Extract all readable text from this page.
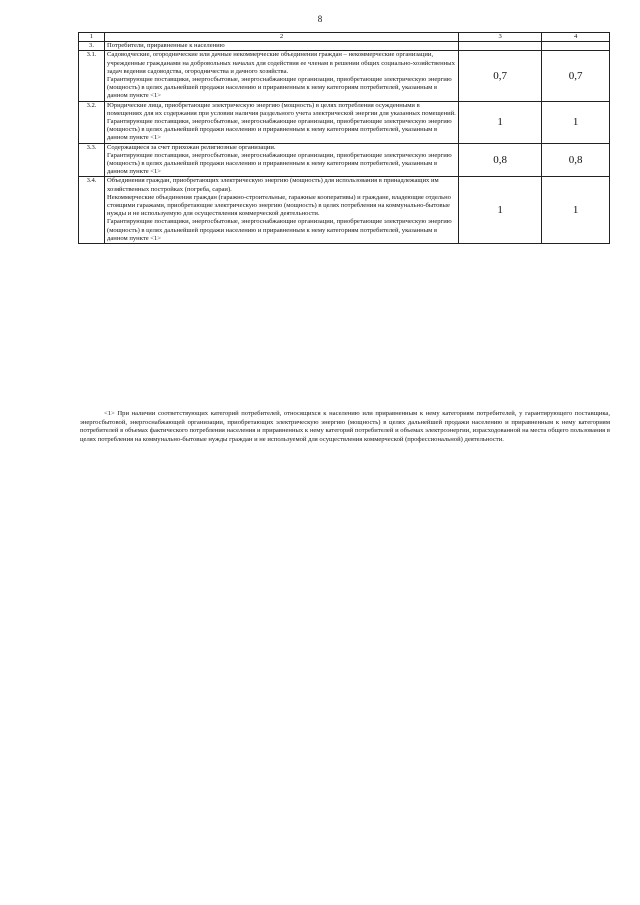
8
1	2	3	4
3.	Потребители, приравненные к населению		
3.1.	Садоводческие, огороднические или дачные некоммерческие объединения граждан – некоммерческие организации, учрежденные гражданами на добровольных началах для содействия ее членам в решении общих социально-хозяйственных задач ведения садоводства, огородничества и дачного хозяйства.

Гарантирующие поставщики, энергосбытовые, энергоснабжающие организации, приобретающие электрическую энергию (мощность) в целях дальнейшей продажи населению и приравненным к нему категориям потребителей, указанным в данном пункте <1>	0,7	0,7
3.2.	Юридические лица, приобретающие электрическую энергию (мощность) в целях потребления осужденными в помещениях для их содержания при условии наличия раздельного учета электрической энергии для указанных помещений.

Гарантирующие поставщики, энергосбытовые, энергоснабжающие организации, приобретающие электрическую энергию (мощность) в целях дальнейшей продажи населению и приравненным к нему категориям потребителей, указанным в данном пункте <1>	1	1
3.3.	Содержащиеся за счет прихожан религиозные организации.

Гарантирующие поставщики, энергосбытовые, энергоснабжающие организации, приобретающие электрическую энергию (мощность) в целях дальнейшей продажи населению и приравненным к нему категориям потребителей, указанным в данном пункте <1>	0,8	0,8
3.4.	Объединения граждан, приобретающих электрическую энергию (мощность) для использования в принадлежащих им хозяйственных постройках (погреба, сараи).

Некоммерческие объединения граждан (гаражно-строительные, гаражные кооперативы) и граждане, владеющие отдельно стоящими гаражами, приобретающие электрическую энергию (мощность) в целях потребления на коммунально-бытовые нужды и не используемую для осуществления коммерческой деятельности.

Гарантирующие поставщики, энергосбытовые, энергоснабжающие организации, приобретающие электрическую энергию (мощность) в целях дальнейшей продажи населению и приравненным к нему категориям потребителей, указанным в данном пункте <1>	1	1

<1> При наличии соответствующих категорий потребителей, относящихся к населению или приравненным к нему категориям потребителей, у гарантирующего поставщика, энергосбытовой, энергоснабжающей организации, приобретающих электрическую энергию (мощность) в целях дальнейшей продажи населению и приравненным к нему категориям потребителей в объемах фактического потребления населения и приравненных к нему категорий потребителей и объемах электроэнергии, израсходованной на места общего пользования в целях потребления на коммунально-бытовые нужды граждан и не используемой для осуществления коммерческой (профессиональной) деятельности.
